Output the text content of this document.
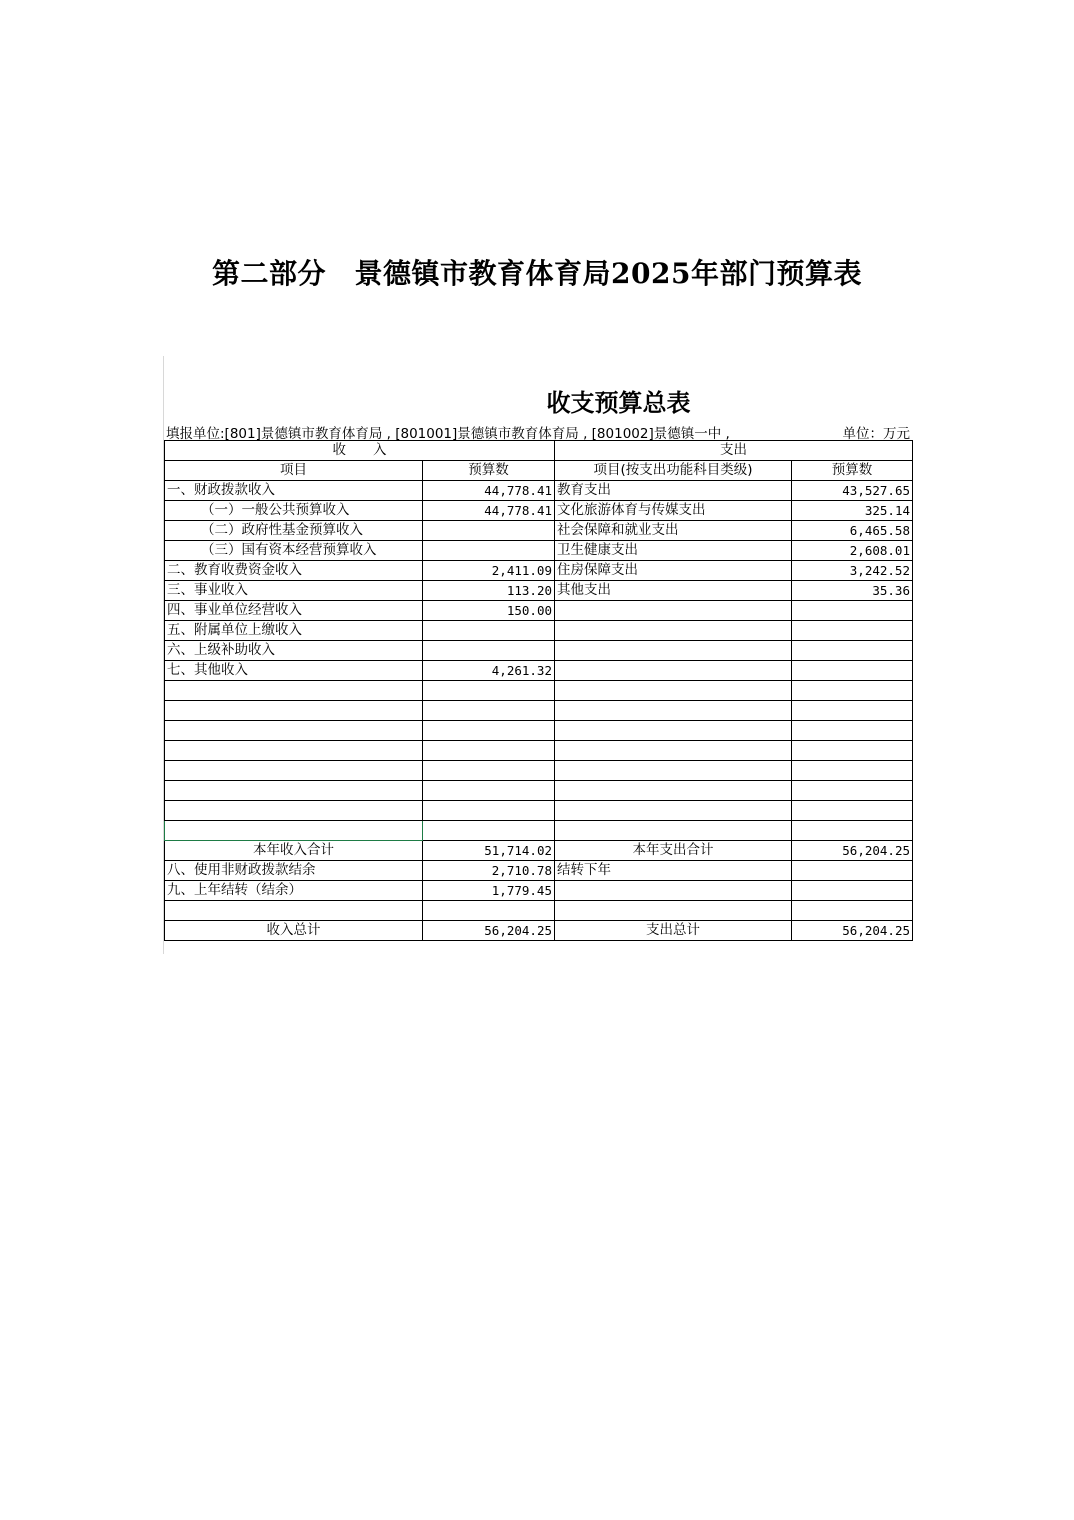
第二部分　景德镇市教育体育局2025年部门预算表
收支预算总表
填报单位:[801]景德镇市教育体育局 , [801001]景德镇市教育体育局 , [801002]景德镇一中 ,	单位：万元
收　　入		支出	
项目	预算数	项目(按支出功能科目类级)	预算数
一、财政拨款收入	44,778.41	教育支出	43,527.65
（一）一般公共预算收入	44,778.41	文化旅游体育与传媒支出	325.14
（二）政府性基金预算收入		社会保障和就业支出	6,465.58
（三）国有资本经营预算收入		卫生健康支出	2,608.01
二、教育收费资金收入	2,411.09	住房保障支出	3,242.52
三、事业收入	113.20	其他支出	35.36
四、事业单位经营收入	150.00		
五、附属单位上缴收入			
六、上级补助收入			
七、其他收入	4,261.32		

本年收入合计	51,714.02	本年支出合计	56,204.25
八、使用非财政拨款结余	2,710.78	结转下年	
九、上年结转（结余）	1,779.45		

收入总计	56,204.25	支出总计	56,204.25
